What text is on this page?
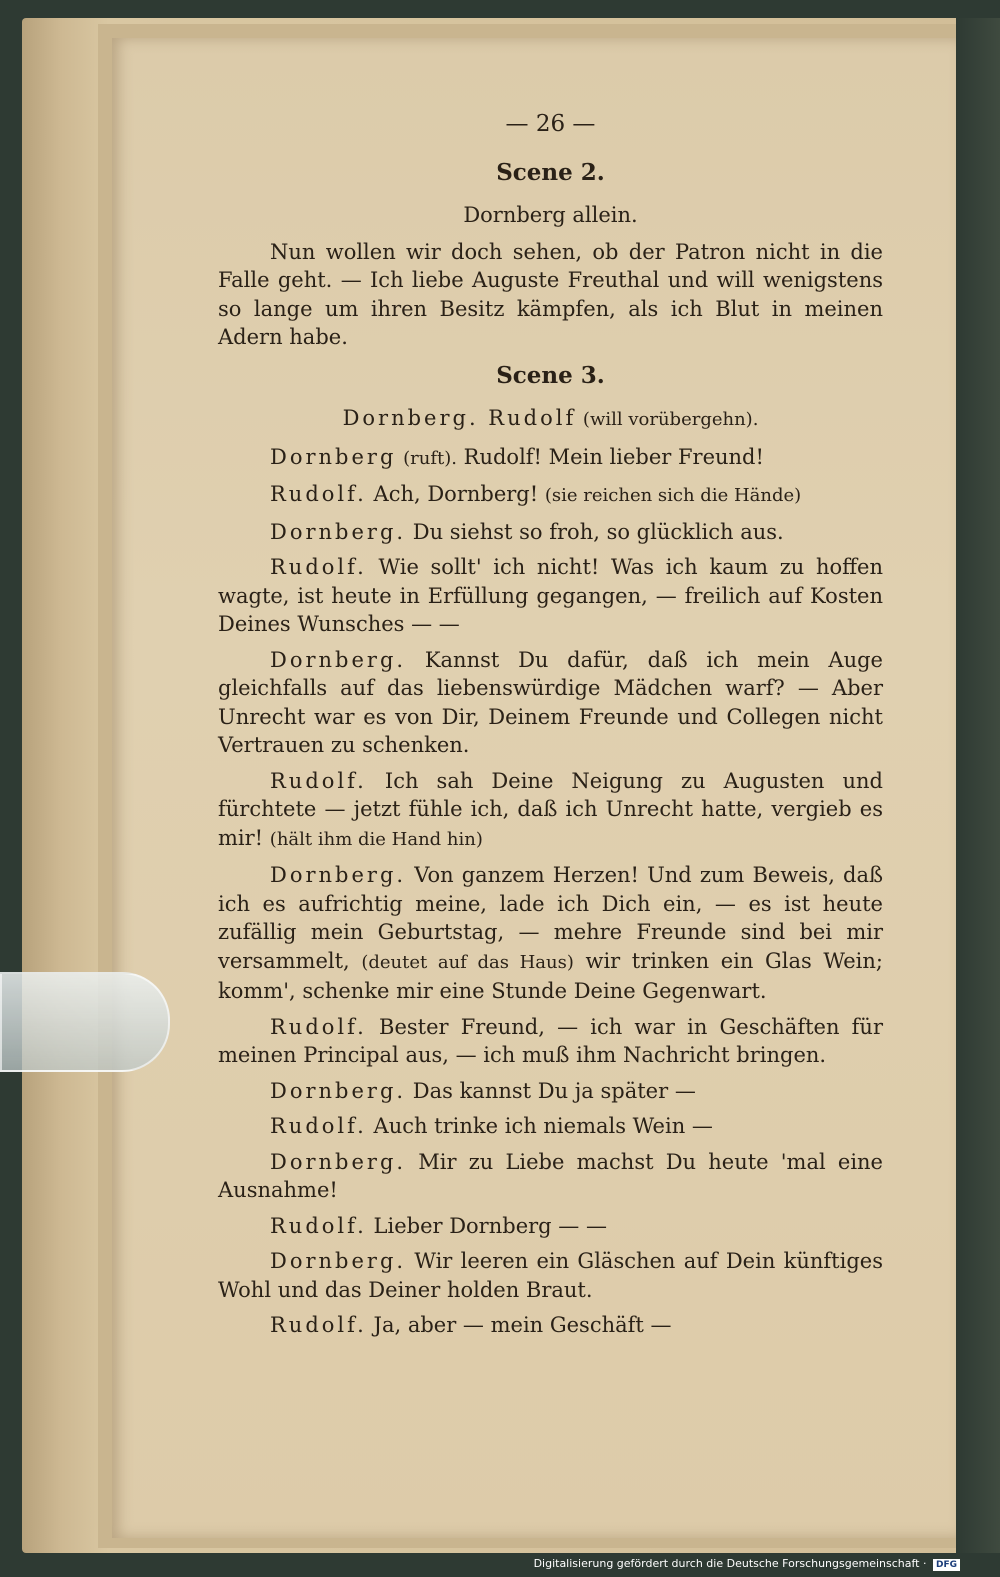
— 26 —
Scene 2.
Dornberg allein.

Nun wollen wir doch sehen, ob der Patron nicht in die Falle geht. — Ich liebe Auguste Freuthal und will wenigstens so lange um ihren Besitz kämpfen, als ich Blut in meinen Adern habe.

Scene 3.
Dornberg. Rudolf (will vorübergehn).

Dornberg (ruft). Rudolf! Mein lieber Freund!

Rudolf. Ach, Dornberg! (sie reichen sich die Hände)

Dornberg. Du siehst so froh, so glücklich aus.

Rudolf. Wie sollt' ich nicht! Was ich kaum zu hoffen wagte, ist heute in Erfüllung gegangen, — freilich auf Kosten Deines Wunsches — —

Dornberg. Kannst Du dafür, daß ich mein Auge gleichfalls auf das liebenswürdige Mädchen warf? — Aber Unrecht war es von Dir, Deinem Freunde und Collegen nicht Vertrauen zu schenken.

Rudolf. Ich sah Deine Neigung zu Augusten und fürchtete — jetzt fühle ich, daß ich Unrecht hatte, vergieb es mir! (hält ihm die Hand hin)

Dornberg. Von ganzem Herzen! Und zum Beweis, daß ich es aufrichtig meine, lade ich Dich ein, — es ist heute zufällig mein Geburtstag, — mehre Freunde sind bei mir versammelt, (deutet auf das Haus) wir trinken ein Glas Wein; komm', schenke mir eine Stunde Deine Gegenwart.

Rudolf. Bester Freund, — ich war in Geschäften für meinen Principal aus, — ich muß ihm Nachricht bringen.

Dornberg. Das kannst Du ja später —

Rudolf. Auch trinke ich niemals Wein —

Dornberg. Mir zu Liebe machst Du heute 'mal eine Ausnahme!

Rudolf. Lieber Dornberg — —

Dornberg. Wir leeren ein Gläschen auf Dein künftiges Wohl und das Deiner holden Braut.

Rudolf. Ja, aber — mein Geschäft —

Digitalisierung gefördert durch die Deutsche Forschungsgemeinschaft · DFG
